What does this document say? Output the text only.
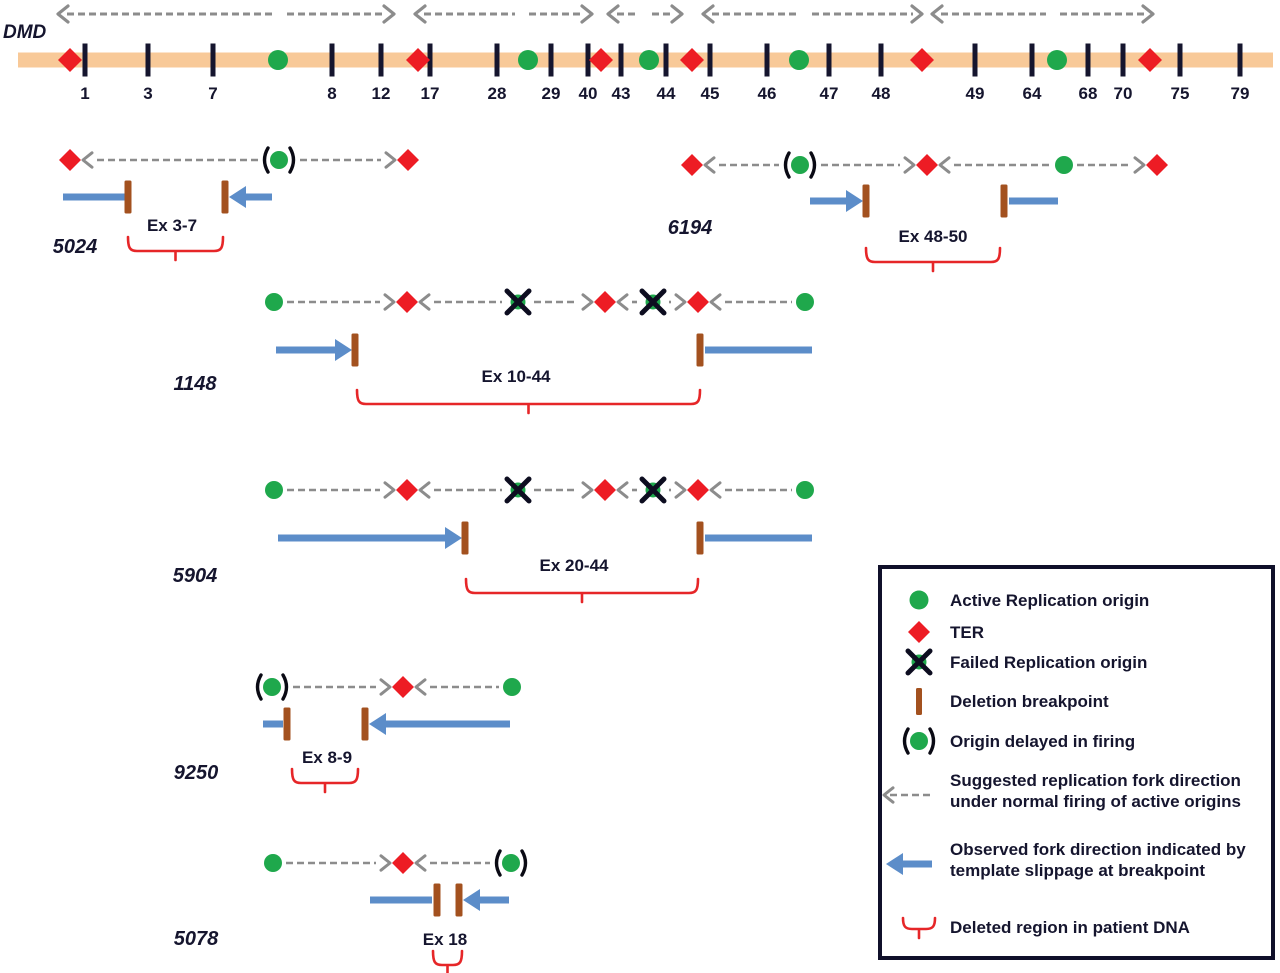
DMD
1	3	7	8 12 17	28 29 40 43 44 45 46	47 48	49 64 68 70 75 79
Ex 3-7
5024	Ex 48-50
6194
Ex 10-44
1148
Ex 20-44
5904
Ex 8-9
9250
Ex 18
5078
Active Replication origin
TER
Failed Replication origin
Deletion breakpoint
Origin delayed in firing
Suggested replication fork direction
under normal firing of active origins
Observed fork direction indicated by
template slippage at breakpoint
Deleted region in patient DNA
